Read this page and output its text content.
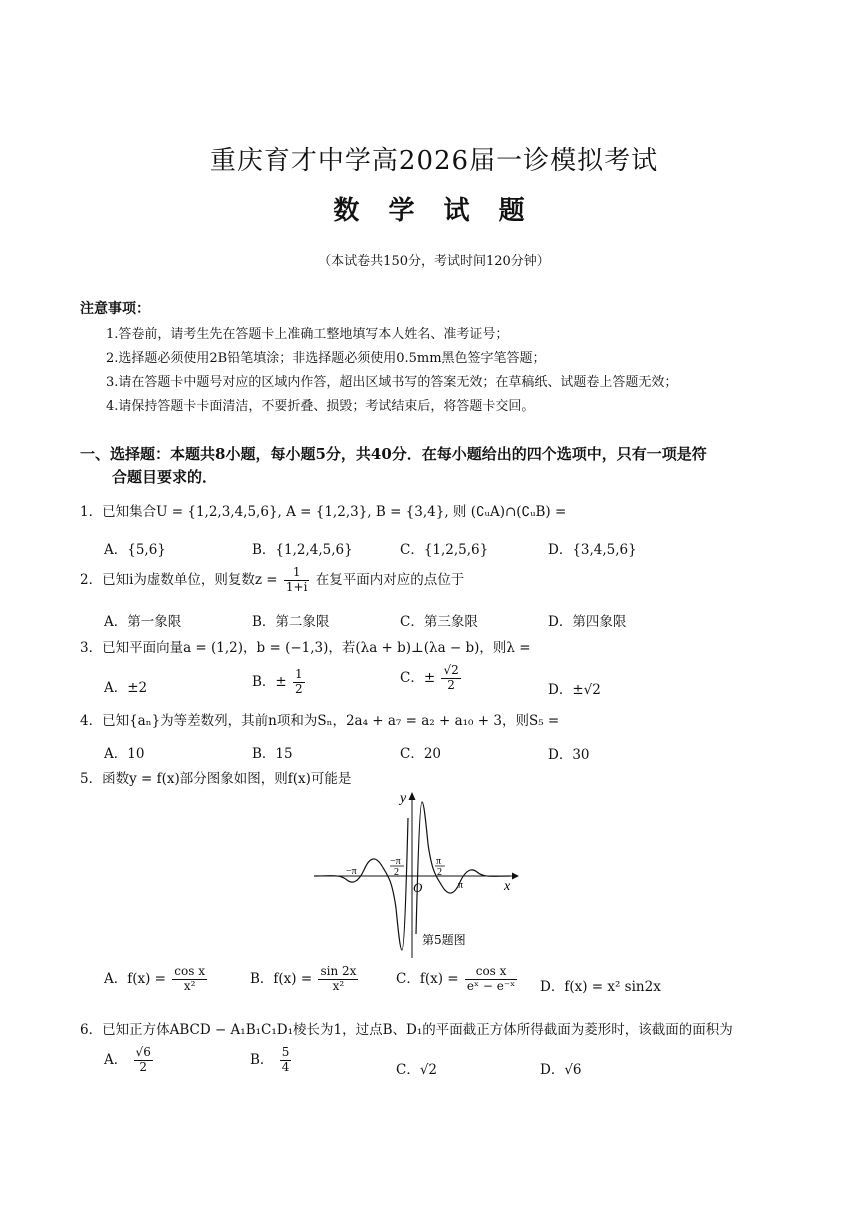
重庆育才中学高2026届一诊模拟考试
数 学 试 题
（本试卷共150分，考试时间120分钟）
注意事项：
1.答卷前，请考生先在答题卡上准确工整地填写本人姓名、准考证号；
2.选择题必须使用2B铅笔填涂；非选择题必须使用0.5mm黑色签字笔答题；
3.请在答题卡中题号对应的区域内作答，超出区域书写的答案无效；在草稿纸、试题卷上答题无效；
4.请保持答题卡卡面清洁，不要折叠、损毁；考试结束后，将答题卡交回。
一、选择题：本题共8小题，每小题5分，共40分．在每小题给出的四个选项中，只有一项是符
合题目要求的．
1．已知集合U = {1,2,3,4,5,6}, A = {1,2,3}, B = {3,4}, 则 (∁ᵤA)∩(∁ᵤB) =
A．{5,6}	B．{1,2,4,5,6}	C．{1,2,5,6}	D．{3,4,5,6}
2．已知i为虚数单位，则复数$z = \frac{1}{1+i}$ 在复平面内对应的点位于
A．第一象限	B．第二象限	C．第三象限	D．第四象限
3．已知平面向量a = (1,2)，b = (−1,3)，若(λa + b)⊥(λa − b)，则λ =
A．±2	B．± $\frac{1}{2}$	C．± $\frac{√2}{2}$	D．±√2
4．已知{aₙ}为等差数列，其前n项和为Sₙ，2a₄ + a₇ = a₂ + a₁₀ + 3，则S₅ =
A．10	B．15	C．20	D．30
5．函数y = f(x)部分图象如图，则f(x)可能是
y
x
O
−π
π
−π
2
π
2
第5题图
A．$f(x) = \frac{\text{cos x}}{\text{x²}}$	B．$f(x) = \frac{\sin 2x}{\text{x²}}$	C．$f(x) = \frac{\text{cos x}}{\text{eˣ − e⁻ˣ}}$ D．f(x) = x² sin2x
6．已知正方体ABCD − A₁B₁C₁D₁棱长为1，过点B、D₁的平面截正方体所得截面为菱形时，该截面的面积为
A． $\frac{√6}{2}$	B． $\frac{5}{4}$	C．√2	D．√6
